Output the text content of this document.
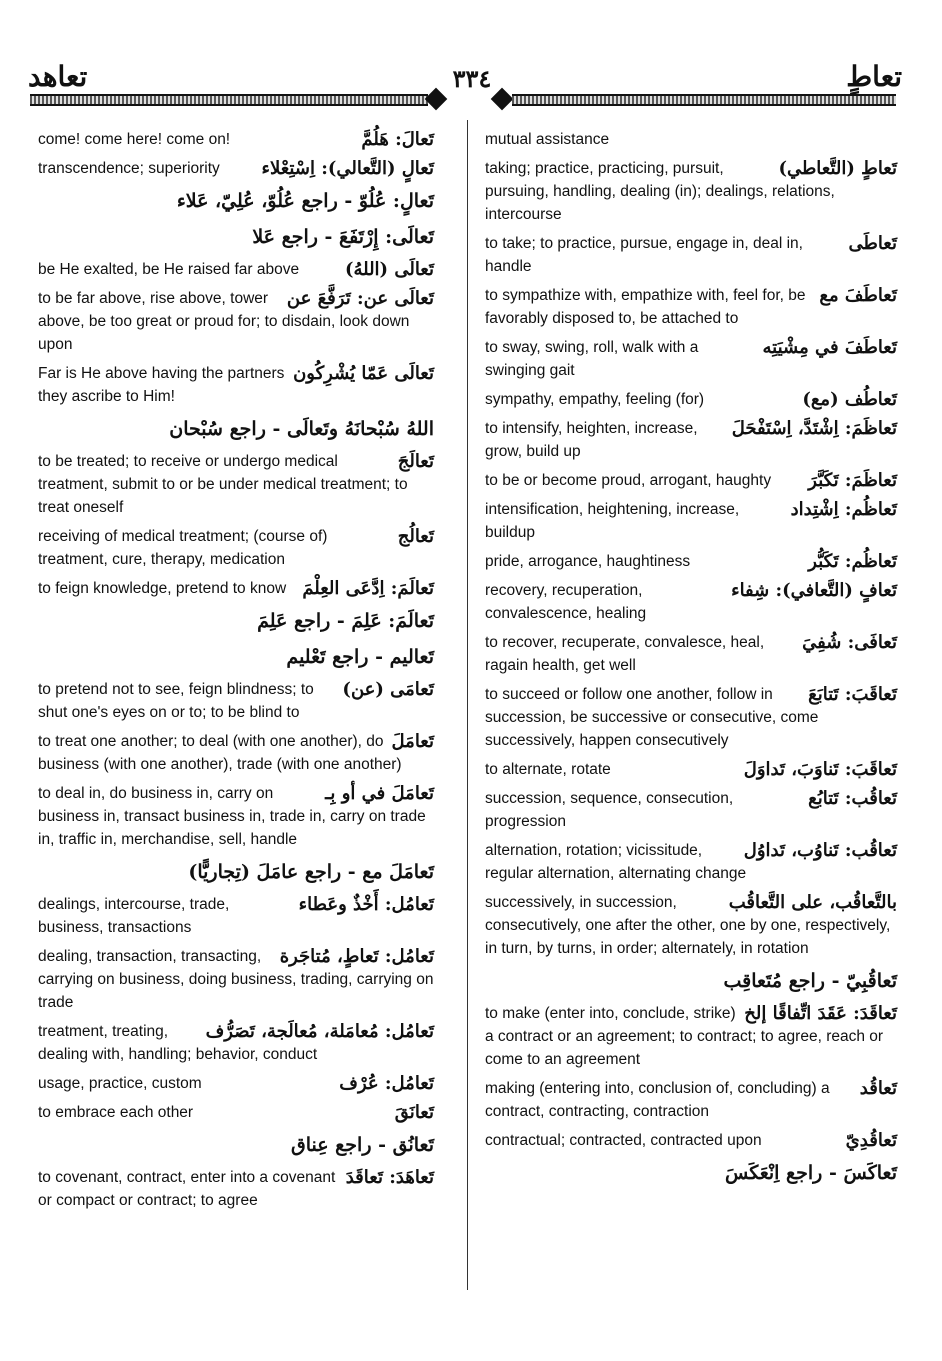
تعاهد	٣٣٤	تعاطٍ
تَعالَ: هَلُمَّ
come! come here! come on!
تَعالٍ (التَّعالي): اِسْتِعْلاء
transcendence; superiority
تَعالٍ: عُلُوّ - راجع عُلُوّ، عُلِيّ، عَلاء
تَعالَى: إِرْتَفَعَ - راجع عَلا
تَعالَى (اللهُ)
be He exalted, be He raised far above
تَعالَى عن: تَرَفَّعَ عن
to be far above, rise above, tower above, be too great or proud for; to disdain, look down upon
تَعالَى عَمّا يُشْرِكُون
Far is He above having the partners they ascribe to Him!
اللهُ سُبْحانَهُ وتَعالَى - راجع سُبْحان
تَعالَجَ
to be treated; to receive or undergo medical treatment, submit to or be under medical treatment; to treat oneself
تَعالُج
receiving of medical treatment; (course of) treatment, cure, therapy, medication
تَعالَمَ: اِدَّعَى العِلْمَ
to feign knowledge, pretend to know
تَعالَمَ: عَلِمَ - راجع عَلِمَ
تَعاليم - راجع تَعْليم
تَعامَى (عن)
to pretend not to see, feign blindness; to shut one's eyes on or to; to be blind to
تَعامَلَ
to treat one another; to deal (with one another), do business (with one another), trade (with one another)
تَعامَلَ في أو بِـ
to deal in, do business in, carry on business in, transact business in, trade in, carry on trade in, traffic in, merchandise, sell, handle
تَعامَلَ مع - راجع عامَلَ (تِجاريًّا)
تَعامُل: أَخْذٌ وعَطاء
dealings, intercourse, trade, business, transactions
تَعامُل: تَعاطٍ، مُتاجَرة
dealing, transaction, transacting, carrying on business, doing business, trading, carrying on trade
تَعامُل: مُعامَلة، مُعالَجة، تَصَرُّف
treatment, treating, dealing with, handling; behavior, conduct
تَعامُل: عُرْف
usage, practice, custom
تَعانَقَ
to embrace each other
تَعانُق - راجع عِناق
تَعاهَدَ: تَعاقَدَ
to covenant, contract, enter into a covenant or compact or contract; to agree
mutual assistance
تَعاطٍ (التَّعاطي)
taking; practice, practicing, pursuit, pursuing, handling, dealing (in); dealings, relations, intercourse
تَعاطَى
to take; to practice, pursue, engage in, deal in, handle
تَعاطَفَ مع
to sympathize with, empathize with, feel for, be favorably disposed to, be attached to
تَعاطَفَ في مِشْيَتِه
to sway, swing, roll, walk with a swinging gait
تَعاطُف (مع)
sympathy, empathy, feeling (for)
تَعاظَمَ: اِشْتَدَّ، اِسْتَفْحَلَ
to intensify, heighten, increase, grow, build up
تَعاظَمَ: تَكَبَّرَ
to be or become proud, arrogant, haughty
تَعاظُم: اِشْتِداد
intensification, heightening, increase, buildup
تَعاظُم: تَكَبُّر
pride, arrogance, haughtiness
تَعافٍ (التَّعافي): شِفاء
recovery, recuperation, convalescence, healing
تَعافَى: شُفِيَ
to recover, recuperate, convalesce, heal, ragain health, get well
تَعاقَبَ: تَتابَعَ
to succeed or follow one another, follow in succession, be successive or consecutive, come successively, happen consecutively
تَعاقَبَ: تَناوَبَ، تَداوَلَ
to alternate, rotate
تَعاقُب: تَتابُع
succession, sequence, consecution, progression
تَعاقُب: تَناوُب، تَداوُل
alternation, rotation; vicissitude, regular alternation, alternating change
بالتَّعاقُب، على التَّعاقُب
successively, in succession, consecutively, one after the other, one by one, respectively, in turn, by turns, in order; alternately, in rotation
تَعاقُبِيّ - راجع مُتَعاقِب
تَعاقَدَ: عَقَدَ اتِّفاقًا إلخ
to make (enter into, conclude, strike) a contract or an agreement; to contract; to agree, reach or come to an agreement
تَعاقُد
making (entering into, conclusion of, concluding) a contract, contracting, contraction
تَعاقُدِيّ
contractual; contracted, contracted upon
تَعاكَسَ - راجع اِنْعَكَسَ
